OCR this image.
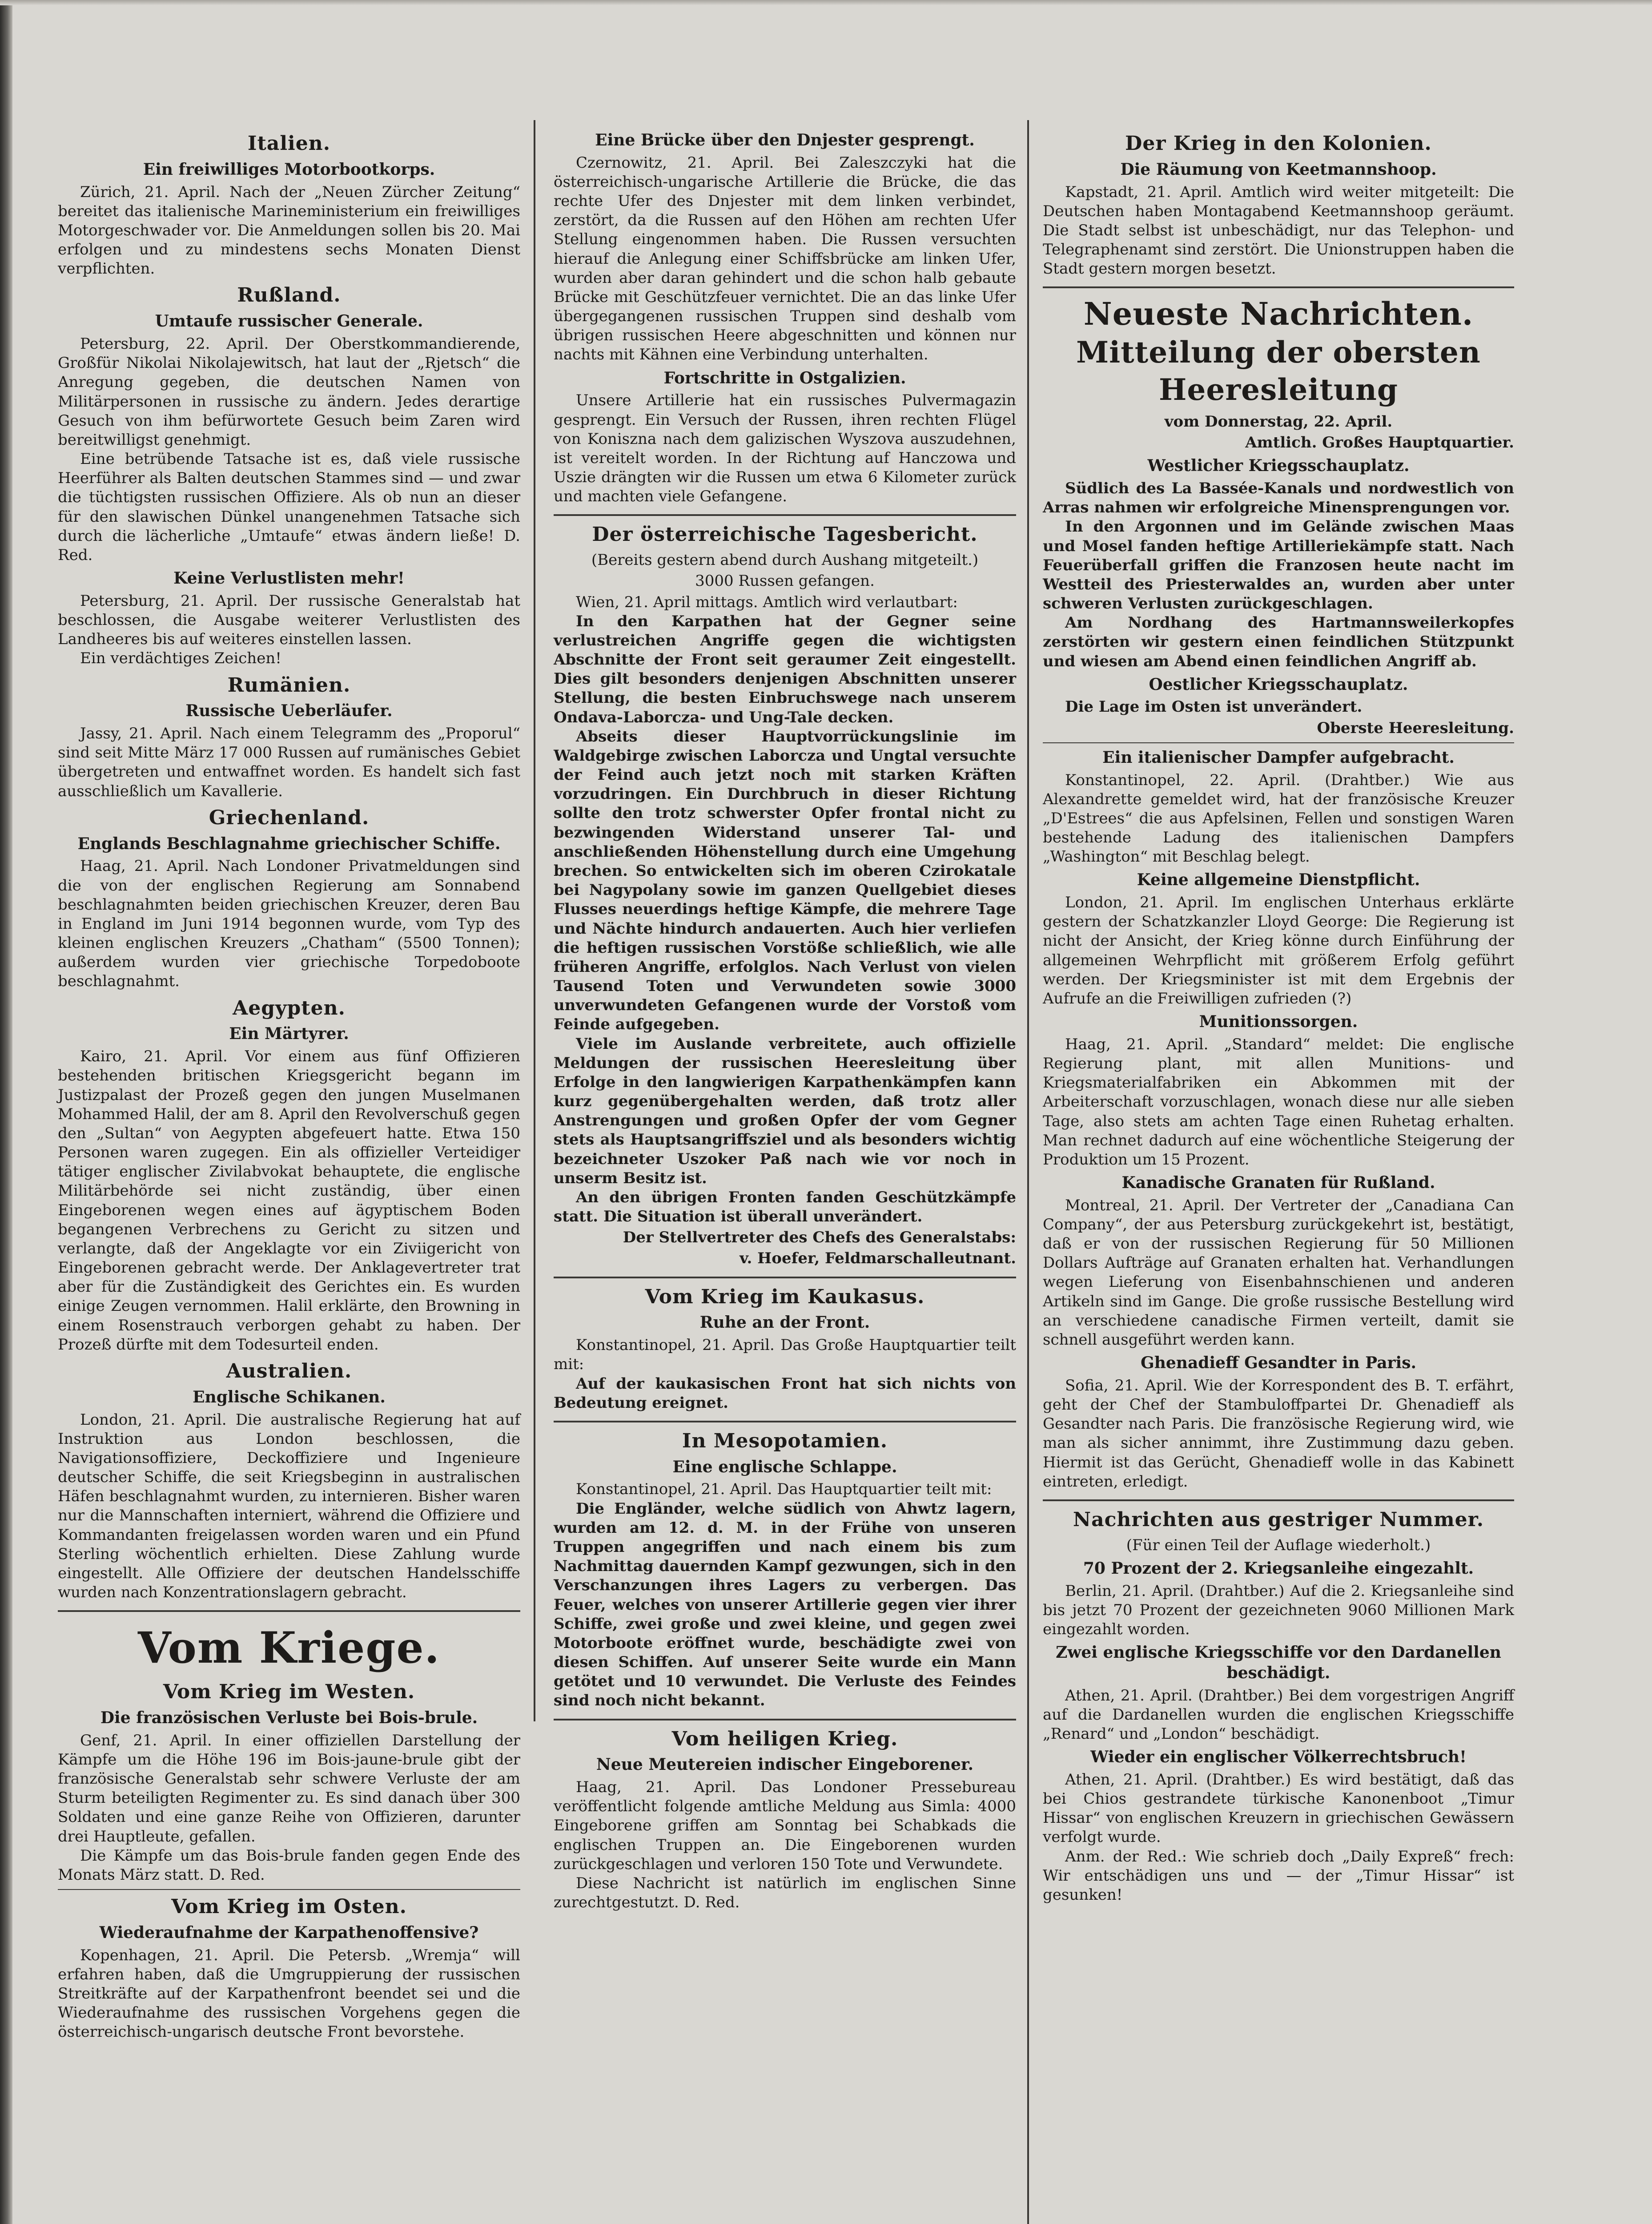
Italien.
Ein freiwilliges Motorbootkorps.

Zürich, 21. April. Nach der „Neuen Zürcher Zeitung“ bereitet das italienische Marineministerium ein freiwilliges Motorgeschwader vor. Die Anmeldungen sollen bis 20. Mai erfolgen und zu mindestens sechs Monaten Dienst verpflichten.

Rußland.
Umtaufe russischer Generale.

Petersburg, 22. April. Der Oberstkommandierende, Großfür Nikolai Nikolajewitsch, hat laut der „Rjetsch“ die Anregung gegeben, die deutschen Namen von Militärpersonen in russische zu ändern. Jedes derartige Gesuch von ihm befürwortete Gesuch beim Zaren wird bereitwilligst genehmigt.

Eine betrübende Tatsache ist es, daß viele russische Heerführer als Balten deutschen Stammes sind — und zwar die tüchtigsten russischen Offiziere. Als ob nun an dieser für den slawischen Dünkel unangenehmen Tatsache sich durch die lächerliche „Umtaufe“ etwas ändern ließe! D. Red.

Keine Verlustlisten mehr!

Petersburg, 21. April. Der russische Generalstab hat beschlossen, die Ausgabe weiterer Verlustlisten des Landheeres bis auf weiteres einstellen lassen.

Ein verdächtiges Zeichen!

Rumänien.
Russische Ueberläufer.

Jassy, 21. April. Nach einem Telegramm des „Proporul“ sind seit Mitte März 17 000 Russen auf rumänisches Gebiet übergetreten und entwaffnet worden. Es handelt sich fast ausschließlich um Kavallerie.

Griechenland.
Englands Beschlagnahme griechischer Schiffe.

Haag, 21. April. Nach Londoner Privatmeldungen sind die von der englischen Regierung am Sonnabend beschlagnahmten beiden griechischen Kreuzer, deren Bau in England im Juni 1914 begonnen wurde, vom Typ des kleinen englischen Kreuzers „Chatham“ (5500 Tonnen); außerdem wurden vier griechische Torpedoboote beschlagnahmt.

Aegypten.
Ein Märtyrer.

Kairo, 21. April. Vor einem aus fünf Offizieren bestehenden britischen Kriegsgericht begann im Justizpalast der Prozeß gegen den jungen Muselmanen Mohammed Halil, der am 8. April den Revolverschuß gegen den „Sultan“ von Aegypten abgefeuert hatte. Etwa 150 Personen waren zugegen. Ein als offizieller Verteidiger tätiger englischer Zivilabvokat behauptete, die englische Militärbehörde sei nicht zuständig, über einen Eingeborenen wegen eines auf ägyptischem Boden begangenen Verbrechens zu Gericht zu sitzen und verlangte, daß der Angeklagte vor ein Ziviigericht von Eingeborenen gebracht werde. Der Anklagevertreter trat aber für die Zuständigkeit des Gerichtes ein. Es wurden einige Zeugen vernommen. Halil erklärte, den Browning in einem Rosenstrauch verborgen gehabt zu haben. Der Prozeß dürfte mit dem Todesurteil enden.

Australien.
Englische Schikanen.

London, 21. April. Die australische Regierung hat auf Instruktion aus London beschlossen, die Navigationsoffiziere, Deckoffiziere und Ingenieure deutscher Schiffe, die seit Kriegsbeginn in australischen Häfen beschlagnahmt wurden, zu internieren. Bisher waren nur die Mannschaften interniert, während die Offiziere und Kommandanten freigelassen worden waren und ein Pfund Sterling wöchentlich erhielten. Diese Zahlung wurde eingestellt. Alle Offiziere der deutschen Handelsschiffe wurden nach Konzentrationslagern gebracht.

Vom Kriege.
Vom Krieg im Westen.
Die französischen Verluste bei Bois-brule.

Genf, 21. April. In einer offiziellen Darstellung der Kämpfe um die Höhe 196 im Bois-jaune-brule gibt der französische Generalstab sehr schwere Verluste der am Sturm beteiligten Regimenter zu. Es sind danach über 300 Soldaten und eine ganze Reihe von Offizieren, darunter drei Hauptleute, gefallen.

Die Kämpfe um das Bois-brule fanden gegen Ende des Monats März statt. D. Red.

Vom Krieg im Osten.
Wiederaufnahme der Karpathenoffensive?

Kopenhagen, 21. April. Die Petersb. „Wremja“ will erfahren haben, daß die Umgruppierung der russischen Streitkräfte auf der Karpathenfront beendet sei und die Wiederaufnahme des russischen Vorgehens gegen die österreichisch-ungarisch deutsche Front bevorstehe.

Eine Brücke über den Dnjester gesprengt.

Czernowitz, 21. April. Bei Zaleszczyki hat die österreichisch-ungarische Artillerie die Brücke, die das rechte Ufer des Dnjester mit dem linken verbindet, zerstört, da die Russen auf den Höhen am rechten Ufer Stellung eingenommen haben. Die Russen versuchten hierauf die Anlegung einer Schiffsbrücke am linken Ufer, wurden aber daran gehindert und die schon halb gebaute Brücke mit Geschützfeuer vernichtet. Die an das linke Ufer übergegangenen russischen Truppen sind deshalb vom übrigen russischen Heere abgeschnitten und können nur nachts mit Kähnen eine Verbindung unterhalten.

Fortschritte in Ostgalizien.

Unsere Artillerie hat ein russisches Pulvermagazin gesprengt. Ein Versuch der Russen, ihren rechten Flügel von Koniszna nach dem galizischen Wyszova auszudehnen, ist vereitelt worden. In der Richtung auf Hanczowa und Uszie drängten wir die Russen um etwa 6 Kilometer zurück und machten viele Gefangene.

Der österreichische Tagesbericht.
(Bereits gestern abend durch Aushang mitgeteilt.)
3000 Russen gefangen.

Wien, 21. April mittags. Amtlich wird verlautbart:

In den Karpathen hat der Gegner seine verlustreichen Angriffe gegen die wichtigsten Abschnitte der Front seit geraumer Zeit eingestellt. Dies gilt besonders denjenigen Abschnitten unserer Stellung, die besten Einbruchswege nach unserem Ondava-Laborcza- und Ung-Tale decken.

Abseits dieser Hauptvorrückungslinie im Waldgebirge zwischen Laborcza und Ungtal versuchte der Feind auch jetzt noch mit starken Kräften vorzudringen. Ein Durchbruch in dieser Richtung sollte den trotz schwerster Opfer frontal nicht zu bezwingenden Widerstand unserer Tal- und anschließenden Höhenstellung durch eine Umgehung brechen. So entwickelten sich im oberen Czirokatale bei Nagypolany sowie im ganzen Quellgebiet dieses Flusses neuerdings heftige Kämpfe, die mehrere Tage und Nächte hindurch andauerten. Auch hier verliefen die heftigen russischen Vorstöße schließlich, wie alle früheren Angriffe, erfolglos. Nach Verlust von vielen Tausend Toten und Verwundeten sowie 3000 unverwundeten Gefangenen wurde der Vorstoß vom Feinde aufgegeben.

Viele im Auslande verbreitete, auch offizielle Meldungen der russischen Heeresleitung über Erfolge in den langwierigen Karpathenkämpfen kann kurz gegenübergehalten werden, daß trotz aller Anstrengungen und großen Opfer der vom Gegner stets als Hauptsangriffsziel und als besonders wichtig bezeichneter Uszoker Paß nach wie vor noch in unserm Besitz ist.

An den übrigen Fronten fanden Geschützkämpfe statt. Die Situation ist überall unverändert.

Der Stellvertreter des Chefs des Generalstabs:
v. Hoefer, Feldmarschalleutnant.
Vom Krieg im Kaukasus.
Ruhe an der Front.

Konstantinopel, 21. April. Das Große Hauptquartier teilt mit:

Auf der kaukasischen Front hat sich nichts von Bedeutung ereignet.

In Mesopotamien.
Eine englische Schlappe.

Konstantinopel, 21. April. Das Hauptquartier teilt mit:

Die Engländer, welche südlich von Ahwtz lagern, wurden am 12. d. M. in der Frühe von unseren Truppen angegriffen und nach einem bis zum Nachmittag dauernden Kampf gezwungen, sich in den Verschanzungen ihres Lagers zu verbergen. Das Feuer, welches von unserer Artillerie gegen vier ihrer Schiffe, zwei große und zwei kleine, und gegen zwei Motorboote eröffnet wurde, beschädigte zwei von diesen Schiffen. Auf unserer Seite wurde ein Mann getötet und 10 verwundet. Die Verluste des Feindes sind noch nicht bekannt.

Vom heiligen Krieg.
Neue Meutereien indischer Eingeborener.

Haag, 21. April. Das Londoner Pressebureau veröffentlicht folgende amtliche Meldung aus Simla: 4000 Eingeborene griffen am Sonntag bei Schabkads die englischen Truppen an. Die Eingeborenen wurden zurückgeschlagen und verloren 150 Tote und Verwundete.

Diese Nachricht ist natürlich im englischen Sinne zurechtgestutzt. D. Red.

Der Krieg in den Kolonien.
Die Räumung von Keetmannshoop.

Kapstadt, 21. April. Amtlich wird weiter mitgeteilt: Die Deutschen haben Montagabend Keetmannshoop geräumt. Die Stadt selbst ist unbeschädigt, nur das Telephon- und Telegraphenamt sind zerstört. Die Unionstruppen haben die Stadt gestern morgen besetzt.

Neueste Nachrichten.
Mitteilung der obersten Heeresleitung
vom Donnerstag, 22. April.
Amtlich. Großes Hauptquartier.
Westlicher Kriegsschauplatz.

Südlich des La Bassée-Kanals und nordwestlich von Arras nahmen wir erfolgreiche Minensprengungen vor.

In den Argonnen und im Gelände zwischen Maas und Mosel fanden heftige Artilleriekämpfe statt. Nach Feuerüberfall griffen die Franzosen heute nacht im Westteil des Priesterwaldes an, wurden aber unter schweren Verlusten zurückgeschlagen.

Am Nordhang des Hartmannsweilerkopfes zerstörten wir gestern einen feindlichen Stützpunkt und wiesen am Abend einen feindlichen Angriff ab.

Oestlicher Kriegsschauplatz.

Die Lage im Osten ist unverändert.

Oberste Heeresleitung.
Ein italienischer Dampfer aufgebracht.

Konstantinopel, 22. April. (Drahtber.) Wie aus Alexandrette gemeldet wird, hat der französische Kreuzer „D'Estrees“ die aus Apfelsinen, Fellen und sonstigen Waren bestehende Ladung des italienischen Dampfers „Washington“ mit Beschlag belegt.

Keine allgemeine Dienstpflicht.

London, 21. April. Im englischen Unterhaus erklärte gestern der Schatzkanzler Lloyd George: Die Regierung ist nicht der Ansicht, der Krieg könne durch Einführung der allgemeinen Wehrpflicht mit größerem Erfolg geführt werden. Der Kriegsminister ist mit dem Ergebnis der Aufrufe an die Freiwilligen zufrieden (?)

Munitionssorgen.

Haag, 21. April. „Standard“ meldet: Die englische Regierung plant, mit allen Munitions- und Kriegsmaterialfabriken ein Abkommen mit der Arbeiterschaft vorzuschlagen, wonach diese nur alle sieben Tage, also stets am achten Tage einen Ruhetag erhalten. Man rechnet dadurch auf eine wöchentliche Steigerung der Produktion um 15 Prozent.

Kanadische Granaten für Rußland.

Montreal, 21. April. Der Vertreter der „Canadiana Can Company“, der aus Petersburg zurückgekehrt ist, bestätigt, daß er von der russischen Regierung für 50 Millionen Dollars Aufträge auf Granaten erhalten hat. Verhandlungen wegen Lieferung von Eisenbahnschienen und anderen Artikeln sind im Gange. Die große russische Bestellung wird an verschiedene canadische Firmen verteilt, damit sie schnell ausgeführt werden kann.

Ghenadieff Gesandter in Paris.

Sofia, 21. April. Wie der Korrespondent des B. T. erfährt, geht der Chef der Stambuloffpartei Dr. Ghenadieff als Gesandter nach Paris. Die französische Regierung wird, wie man als sicher annimmt, ihre Zustimmung dazu geben. Hiermit ist das Gerücht, Ghenadieff wolle in das Kabinett eintreten, erledigt.

Nachrichten aus gestriger Nummer.
(Für einen Teil der Auflage wiederholt.)
70 Prozent der 2. Kriegsanleihe eingezahlt.

Berlin, 21. April. (Drahtber.) Auf die 2. Kriegsanleihe sind bis jetzt 70 Prozent der gezeichneten 9060 Millionen Mark eingezahlt worden.

Zwei englische Kriegsschiffe vor den Dardanellen beschädigt.

Athen, 21. April. (Drahtber.) Bei dem vorgestrigen Angriff auf die Dardanellen wurden die englischen Kriegsschiffe „Renard“ und „London“ beschädigt.

Wieder ein englischer Völkerrechtsbruch!

Athen, 21. April. (Drahtber.) Es wird bestätigt, daß das bei Chios gestrandete türkische Kanonenboot „Timur Hissar“ von englischen Kreuzern in griechischen Gewässern verfolgt wurde.

Anm. der Red.: Wie schrieb doch „Daily Expreß“ frech: Wir entschädigen uns und — der „Timur Hissar“ ist gesunken!
